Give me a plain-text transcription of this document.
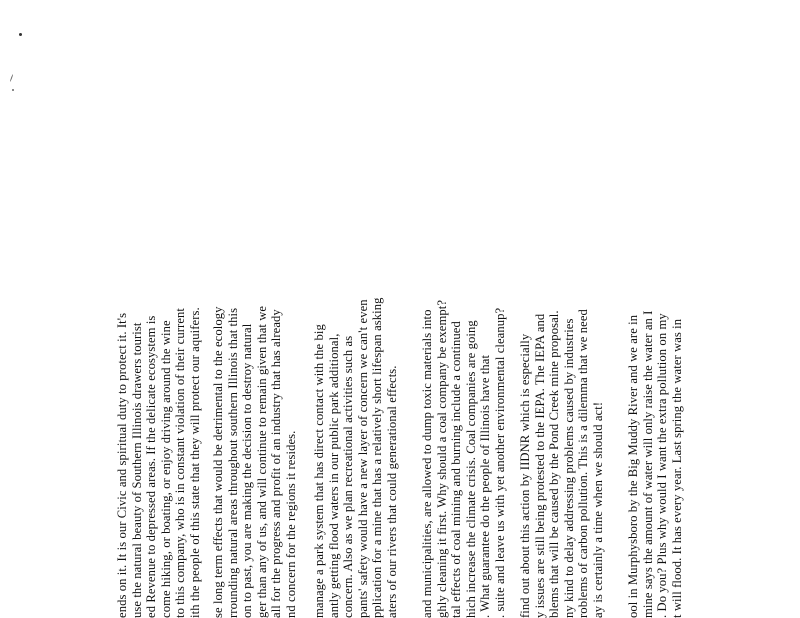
ends on it. It is our Civic and spiritual duty to protect it. It's use the natural beauty of Southern Illinois drawers tourist ed Revenue to depressed areas. If the delicate ecosystem is come hiking, or boating, or enjoy driving around the wine to this company, who is in constant violation of their current ith the people of this state that they will protect our aquifers. se long term effects that would be detrimental to the ecology rrounding natural areas throughout southern Illinois that this on to past, you are making the decision to destroy natural ger than any of us, and will continue to remain given that we all for the progress and profit of an industry that has already nd concern for the regions it resides. manage a park system that has direct contact with the big antly getting flood waters in our public park additional, concern. Also as we plan recreational activities such as pants' safety would have a new layer of concern we can't even pplication for a mine that has a relatively short lifespan asking aters of our rivers that could generational effects. and municipalities, are allowed to dump toxic materials into ghly cleaning it first. Why should a coal company be exempt? tal effects of coal mining and burning include a continued hich increase the climate crisis. Coal companies are going . What guarantee do the people of Illinois have that . suite and leave us with yet another environmental cleanup? find out about this action by IIDNR which is especially y issues are still being protested to the IEPA. The IEPA and blems that will be caused by the Pond Creek mine proposal. ny kind to delay addressing problems caused by industries roblems of carbon pollution. This is a dilemma that we need ay is certainly a time when we should act! ool in Murphysboro by the Big Muddy River and we are in mine says the amount of water will only raise the water an I . Do you? Plus why would I want the extra pollution on my t will flood. It has every year. Last spring the water was in
